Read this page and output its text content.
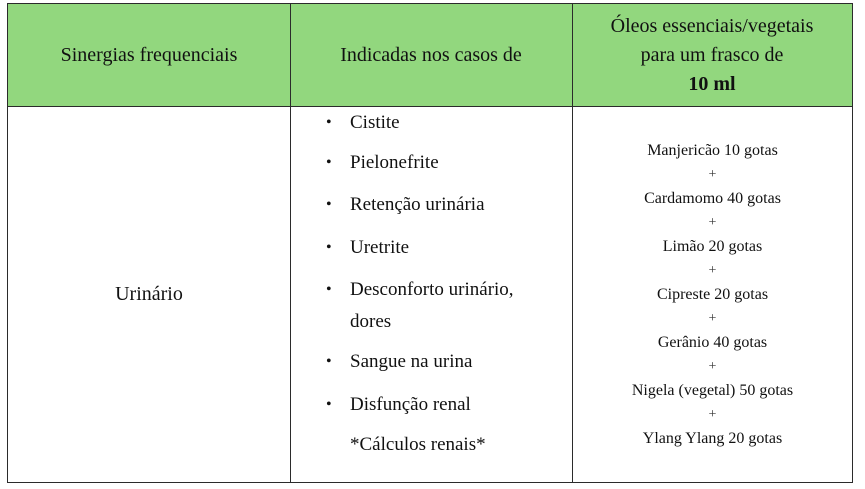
Sinergias frequenciais	Indicadas nos casos de
Óleos essenciais/vegetais
para um frasco de
10 ml
Urinário
Manjericão 10 gotas
+
Cardamomo 40 gotas
+
Limão 20 gotas
+
Cipreste 20 gotas
+
Gerânio 40 gotas
+
Nigela (vegetal) 50 gotas
+
Ylang Ylang 20 gotas
• Cistite
• Pielonefrite
• Retenção urinária
• Uretrite
• Desconforto urinário,
dores
• Sangue na urina
• Disfunção renal
*Cálculos renais*
